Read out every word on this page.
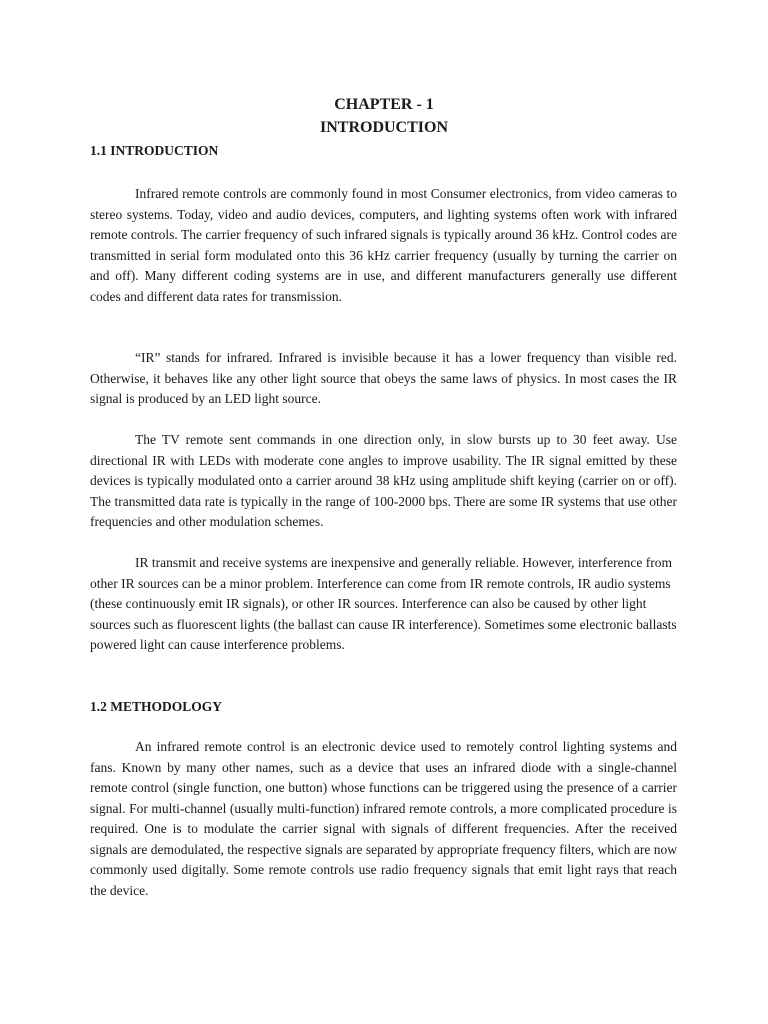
CHAPTER - 1
INTRODUCTION
1.1 INTRODUCTION

Infrared remote controls are commonly found in most Consumer electronics, from video cameras to stereo systems. Today, video and audio devices, computers, and lighting systems often work with infrared remote controls. The carrier frequency of such infrared signals is typically around 36 kHz. Control codes are transmitted in serial form modulated onto this 36 kHz carrier frequency (usually by turning the carrier on and off). Many different coding systems are in use, and different manufacturers generally use different codes and different data rates for transmission.

“IR” stands for infrared. Infrared is invisible because it has a lower frequency than visible red. Otherwise, it behaves like any other light source that obeys the same laws of physics. In most cases the IR signal is produced by an LED light source.

The TV remote sent commands in one direction only, in slow bursts up to 30 feet away. Use directional IR with LEDs with moderate cone angles to improve usability. The IR signal emitted by these devices is typically modulated onto a carrier around 38 kHz using amplitude shift keying (carrier on or off). The transmitted data rate is typically in the range of 100-2000 bps. There are some IR systems that use other frequencies and other modulation schemes.

IR transmit and receive systems are inexpensive and generally reliable. However, interference from other IR sources can be a minor problem. Interference can come from IR remote controls, IR audio systems (these continuously emit IR signals), or other IR sources. Interference can also be caused by other light sources such as fluorescent lights (the ballast can cause IR interference). Sometimes some electronic ballasts powered light can cause interference problems.

1.2 METHODOLOGY

An infrared remote control is an electronic device used to remotely control lighting systems and fans. Known by many other names, such as a device that uses an infrared diode with a single-channel remote control (single function, one button) whose functions can be triggered using the presence of a carrier signal. For multi-channel (usually multi-function) infrared remote controls, a more complicated procedure is required. One is to modulate the carrier signal with signals of different frequencies. After the received signals are demodulated, the respective signals are separated by appropriate frequency filters, which are now commonly used digitally. Some remote controls use radio frequency signals that emit light rays that reach the device.
